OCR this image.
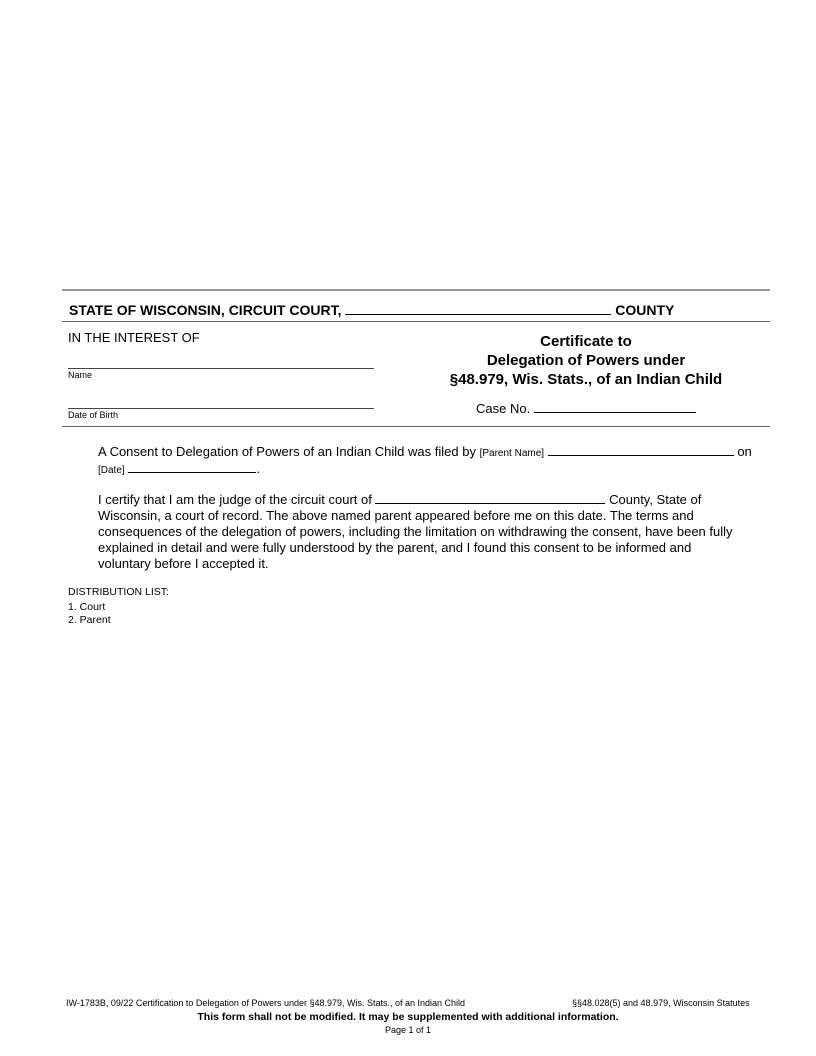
STATE OF WISCONSIN, CIRCUIT COURT,	COUNTY
IN THE INTEREST OF
Name
Date of Birth
Certificate to
Delegation of Powers under
§48.979, Wis. Stats., of an Indian Child
Case No.
A Consent to Delegation of Powers of an Indian Child was filed by [Parent Name]	on
[Date]	.
I certify that I am the judge of the circuit court of	County, State of
Wisconsin, a court of record. The above named parent appeared before me on this date. The terms and
consequences of the delegation of powers, including the limitation on withdrawing the consent, have been fully
explained in detail and were fully understood by the parent, and I found this consent to be informed and
voluntary before I accepted it.
DISTRIBUTION LIST:
1. Court
2. Parent
IW-1783B, 09/22 Certification to Delegation of Powers under §48.979, Wis. Stats., of an Indian Child	§§48.028(5) and 48.979, Wisconsin Statutes
This form shall not be modified. It may be supplemented with additional information.
Page 1 of 1
